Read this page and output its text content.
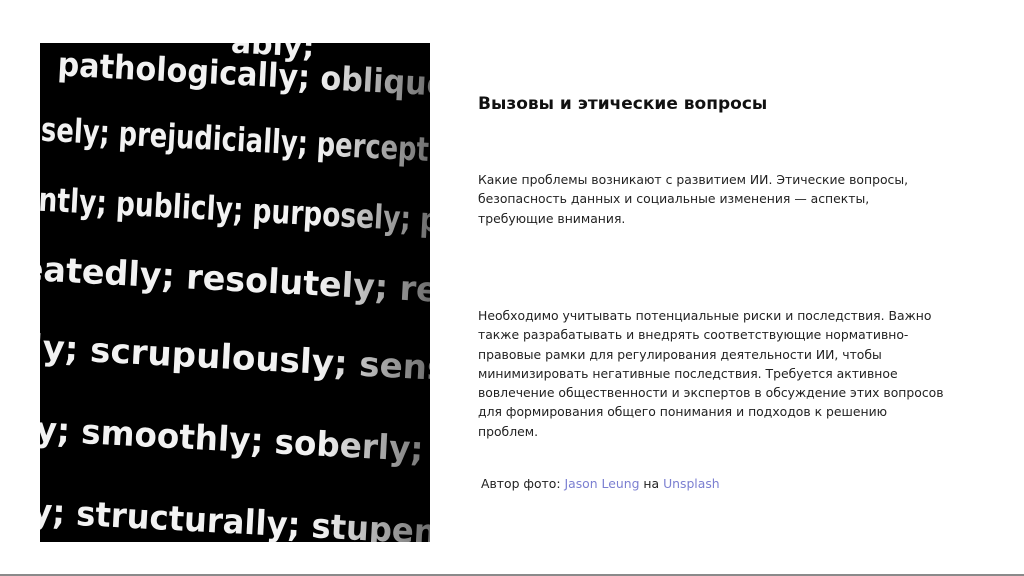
Вызовы и этические вопросы

Какие проблемы возникают с развитием ИИ. Этические вопросы, безопасность данных и социальные изменения — аспекты, требующие внимания.

Необходимо учитывать потенциальные риски и последствия. Важно также разрабатывать и внедрять соответствующие нормативно-правовые рамки для регулирования деятельности ИИ, чтобы минимизировать негативные последствия. Требуется активное вовлечение общественности и экспертов в обсуждение этих вопросов для формирования общего понимания и подходов к решению проблем.

Автор фото: Jason Leung на Unsplash
